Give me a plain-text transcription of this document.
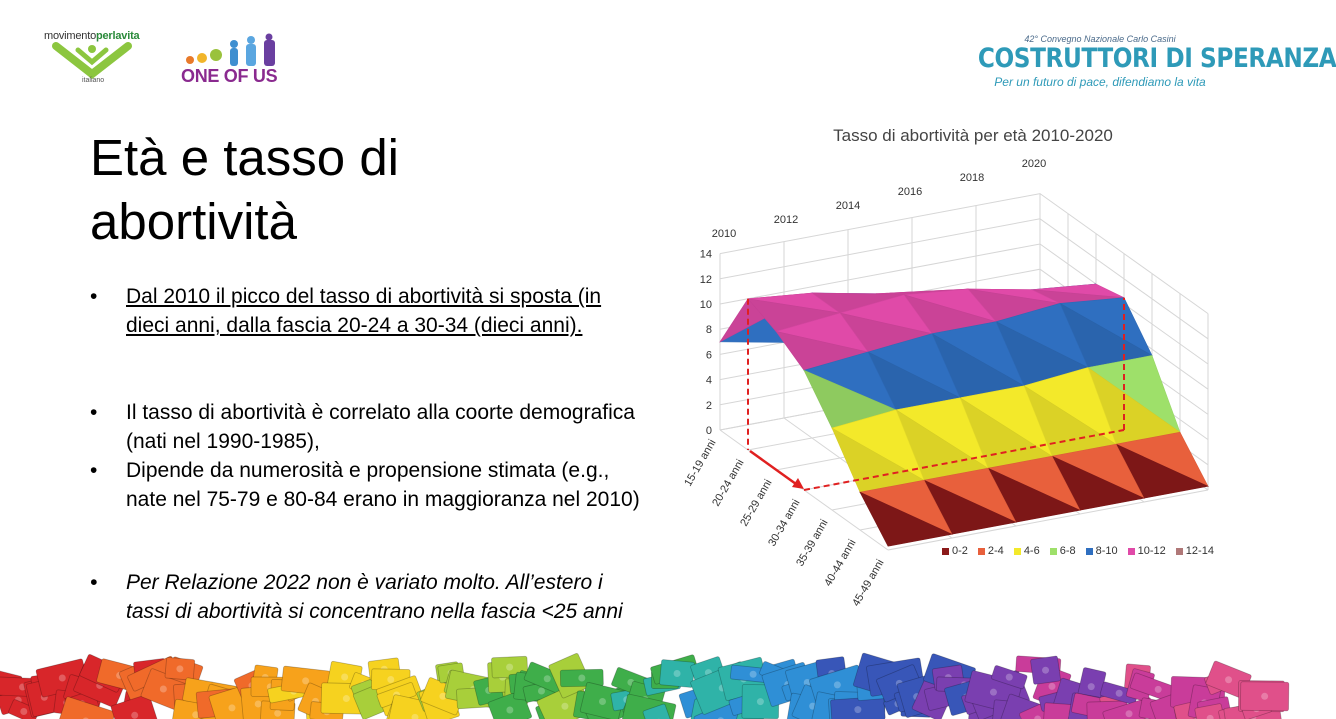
movimentoperlavita
italiano	ONE OF US
42° Convegno Nazionale Carlo Casini
COSTRUTTORI DI SPERANZA
Per un futuro di pace, difendiamo la vita
Età e tasso di
abortività
• Dal 2010 il picco del tasso di abortività si sposta (in dieci anni, dalla fascia 20-24 a 30-34 (dieci anni).
• Il tasso di abortività è correlato alla coorte demografica (nati nel 1990-1985),
• Dipende da numerosità e propensione stimata (e.g., nate nel 75-79 e 80-84 erano in maggioranza nel 2010)
• Per Relazione 2022 non è variato molto. All’estero i tassi di abortività si concentrano nella fascia <25 anni
Tasso di abortività per età 2010-2020
0
2
4
6
8
10
12
14
2010
2012
2014
2016
2018
2020
15-19 anni
20-24 anni
25-29 anni
30-34 anni
35-39 anni
40-44 anni
45-49 anni
0-2 2-4 4-6 6-8 8-10 10-12 12-14
